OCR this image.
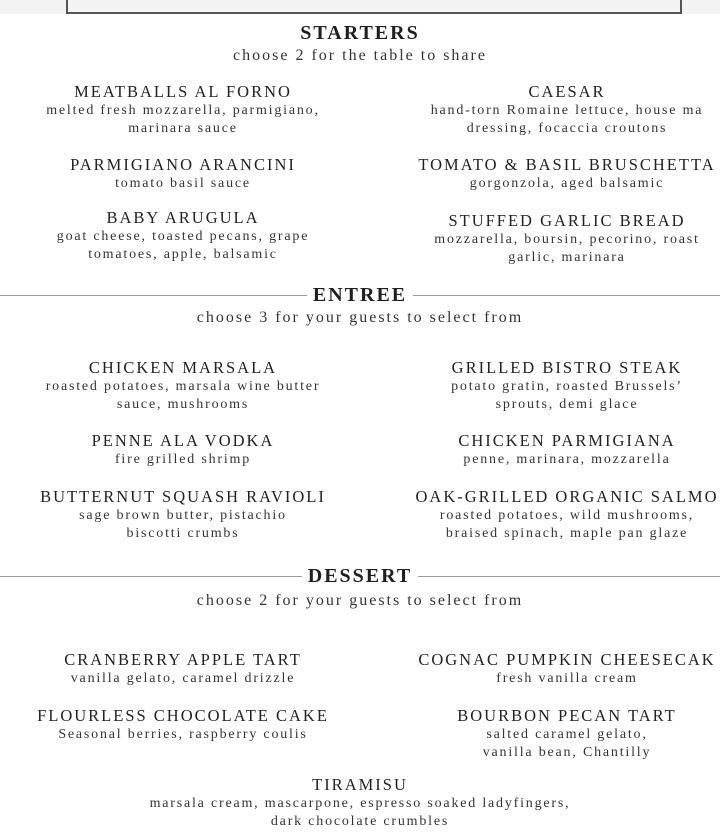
STARTERS
choose 2 for the table to share
MEATBALLS AL FORNO
melted fresh mozzarella, parmigiano,
marinara sauce
CAESAR
hand-torn Romaine lettuce, house ma
dressing, focaccia croutons
PARMIGIANO ARANCINI
tomato basil sauce
TOMATO & BASIL BRUSCHETTA
gorgonzola, aged balsamic
BABY ARUGULA
goat cheese, toasted pecans, grape
tomatoes, apple, balsamic
STUFFED GARLIC BREAD
mozzarella, boursin, pecorino, roast
garlic, marinara
ENTREE
choose 3 for your guests to select from
CHICKEN MARSALA
roasted potatoes, marsala wine butter
sauce, mushrooms
GRILLED BISTRO STEAK
potato gratin, roasted Brussels’
sprouts, demi glace
PENNE ALA VODKA
fire grilled shrimp
CHICKEN PARMIGIANA
penne, marinara, mozzarella
BUTTERNUT SQUASH RAVIOLI
sage brown butter, pistachio
biscotti crumbs
OAK-GRILLED ORGANIC SALMO
roasted potatoes, wild mushrooms,
braised spinach, maple pan glaze
DESSERT
choose 2 for your guests to select from
CRANBERRY APPLE TART
vanilla gelato, caramel drizzle
COGNAC PUMPKIN CHEESECAK
fresh vanilla cream
FLOURLESS CHOCOLATE CAKE
Seasonal berries, raspberry coulis
BOURBON PECAN TART
salted caramel gelato,
vanilla bean, Chantilly
TIRAMISU
marsala cream, mascarpone, espresso soaked ladyfingers,
dark chocolate crumbles
